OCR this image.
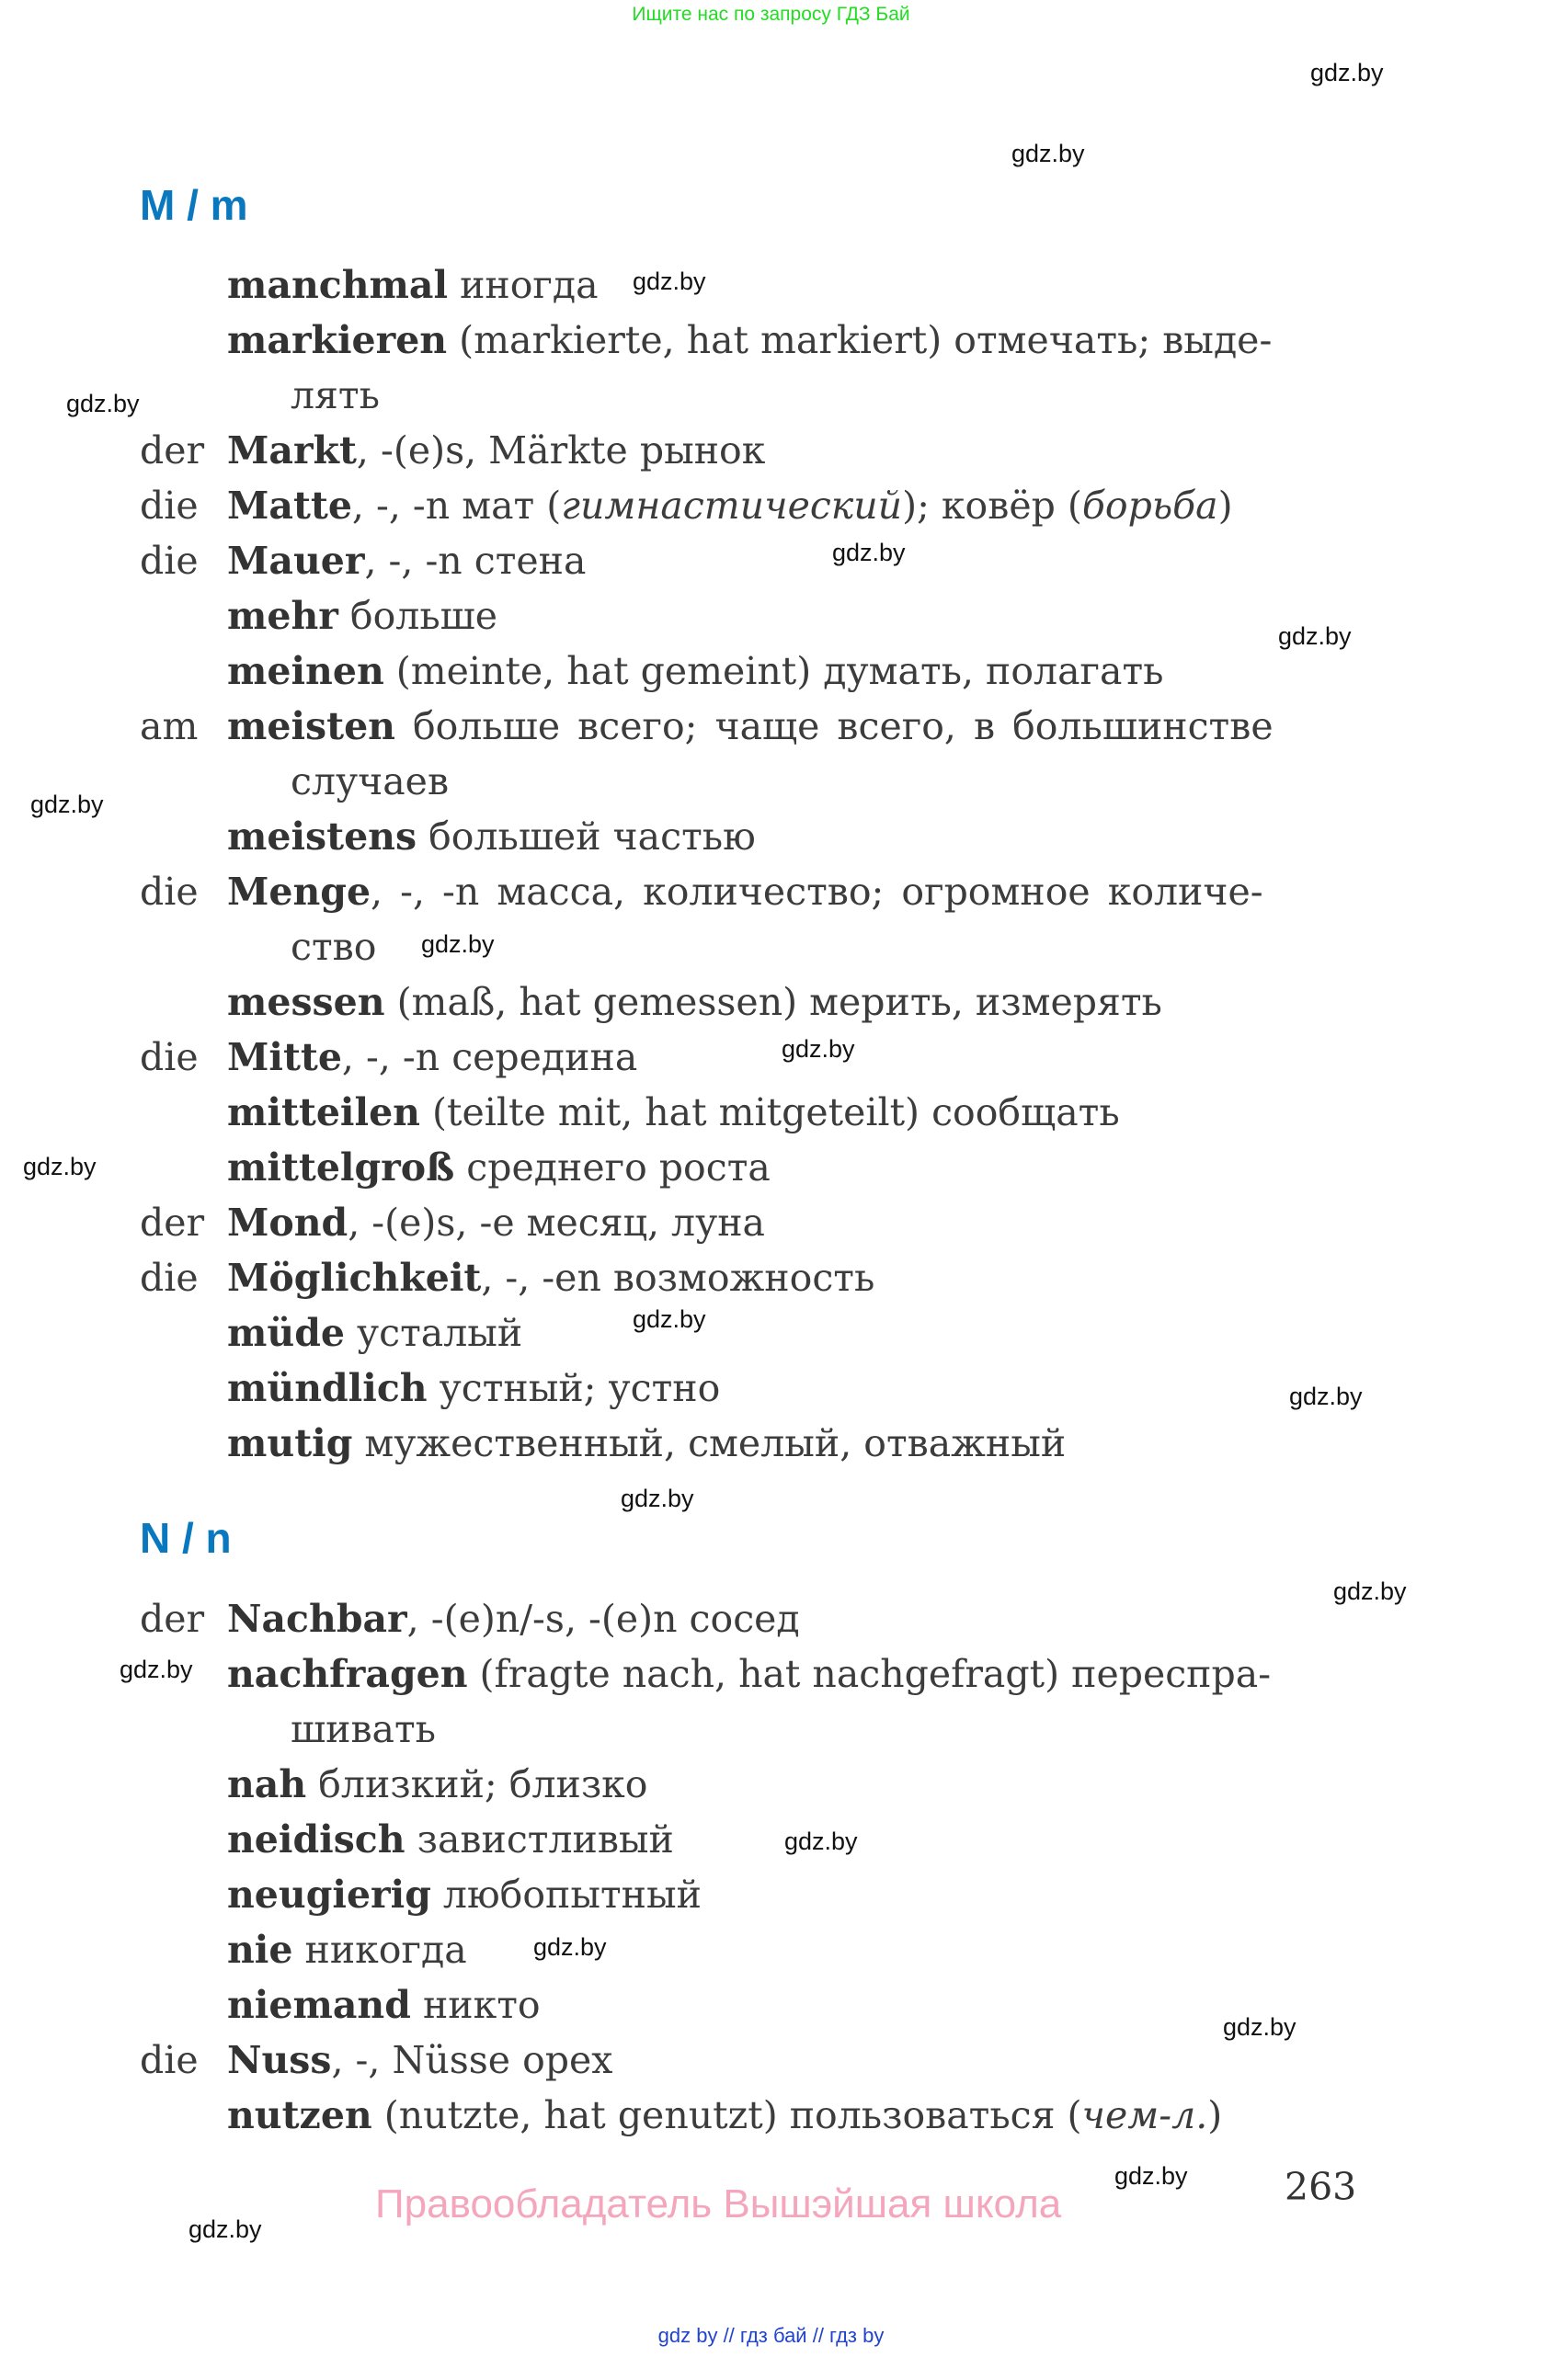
Ищите нас по запросу ГДЗ Бай
gdz.by
gdz.by
gdz.by
gdz.by
gdz.by
gdz.by
gdz.by
gdz.by
gdz.by
gdz.by
gdz.by
gdz.by
gdz.by
gdz.by
gdz.by
gdz.by
gdz.by
gdz.by
gdz.by
gdz.by
M / m
manchmal иногда
markieren (markierte, hat markiert) отмечать; выде-
лять
der Markt, -(e)s, Märkte рынок
die Matte, -, -n мат (гимнастический); ковёр (борьба)
die Mauer, -, -n стена
mehr больше
meinen (meinte, hat gemeint) думать, полагать
am meisten больше всего; чаще всего, в большинстве
случаев
meistens большей частью
die Menge, -, -n масса, количество; огромное количе-
ство
messen (maß, hat gemessen) мерить, измерять
die Mitte, -, -n середина
mitteilen (teilte mit, hat mitgeteilt) сообщать
mittelgroß среднего роста
der Mond, -(e)s, -e месяц, луна
die Möglichkeit, -, -en возможность
müde усталый
mündlich устный; устно
mutig мужественный, смелый, отважный
N / n
der Nachbar, -(e)n/-s, -(e)n сосед
nachfragen (fragte nach, hat nachgefragt) переспра-
шивать
nah близкий; близко
neidisch завистливый
neugierig любопытный
nie никогда
niemand никто
die Nuss, -, Nüsse орех
nutzen (nutzte, hat genutzt) пользоваться (чем-л.)
263
Правообладатель Вышэйшая школа
gdz by // гдз бай // гдз by
